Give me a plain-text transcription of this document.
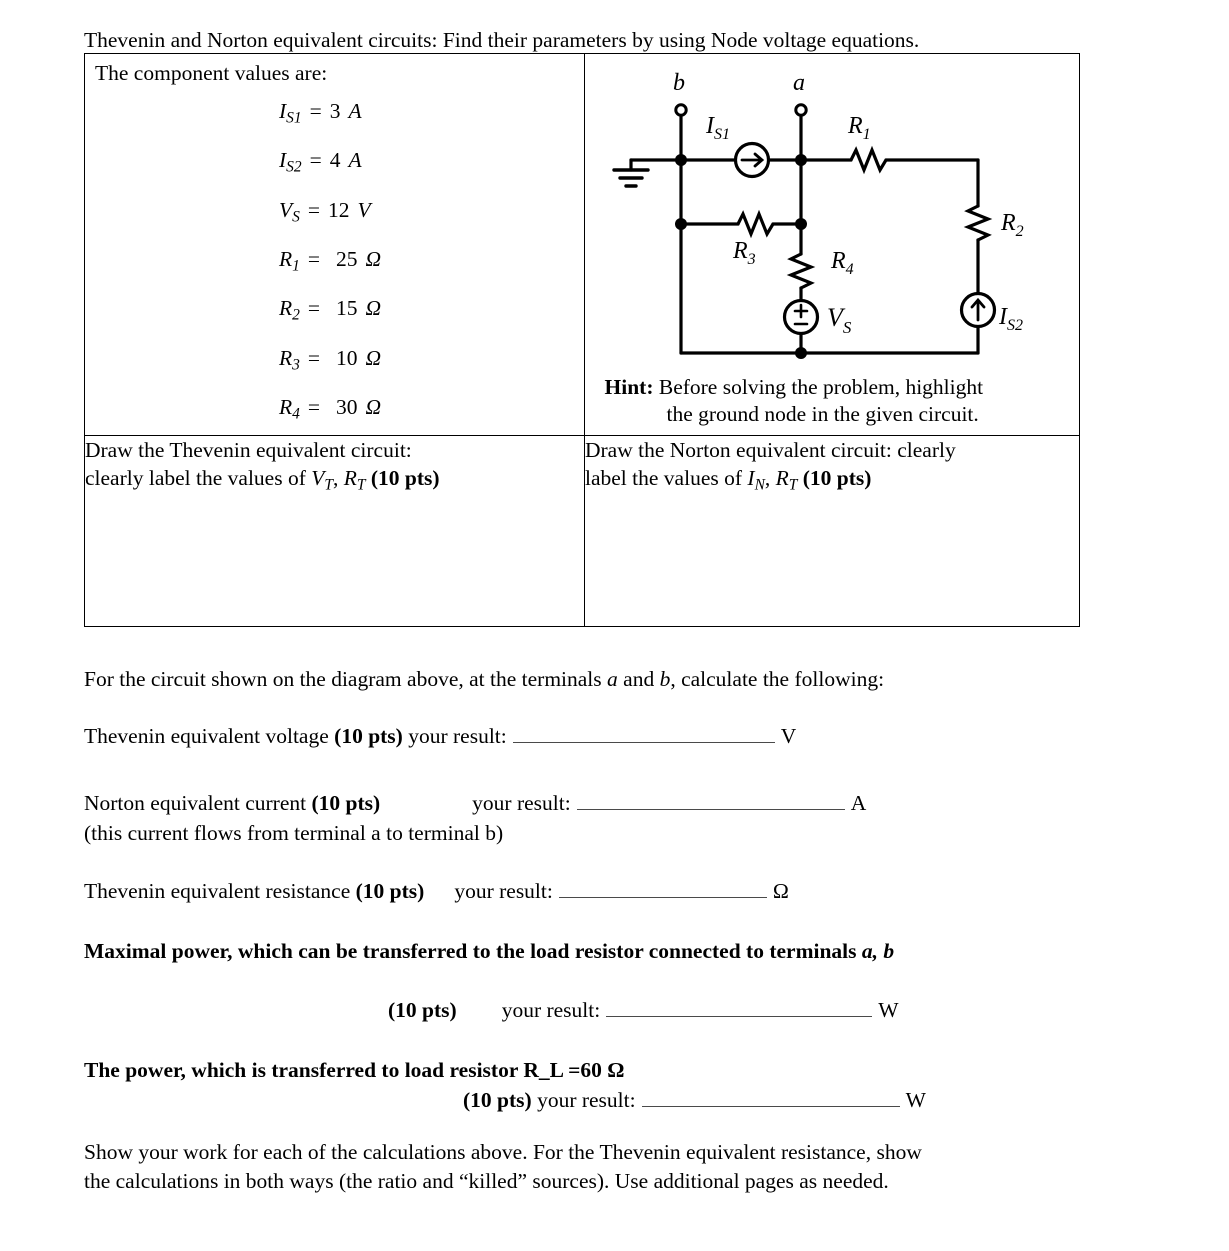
Thevenin and Norton equivalent circuits: Find their parameters by using Node voltage equations.
The component values are:
$I_{S1} = 3$ A
$I_{S2} = 4$ A
$V_S = 12$ V
$R_1 = 25$ Ω
$R_2 = 15$ Ω
$R_3 = 10$ Ω
$R_4 = 30$ Ω

b	a
$I_{S1}$	$R_1$
$R_2$
$R_3$	$R_4$
$V_S$	$I_{S2}$
Hint: Before solving the problem, highlight
the ground node in the given circuit.

Draw the Thevenin equivalent circuit:
clearly label the values of $V_T$, $R_T$ (10 pts)	Draw the Norton equivalent circuit: clearly
label the values of $I_N$, $R_T$ (10 pts)
For the circuit shown on the diagram above, at the terminals a and b, calculate the following:
Thevenin equivalent voltage (10 pts) your result:	V
Norton equivalent current (10 pts)	your result:	A
(this current flows from terminal a to terminal b)
Thevenin equivalent resistance (10 pts) your result:	Ω
Maximal power, which can be transferred to the load resistor connected to terminals a, b
(10 pts) your result:	W
The power, which is transferred to load resistor R_L =60 Ω
(10 pts) your result:	W
Show your work for each of the calculations above. For the Thevenin equivalent resistance, show
the calculations in both ways (the ratio and “killed” sources). Use additional pages as needed.
